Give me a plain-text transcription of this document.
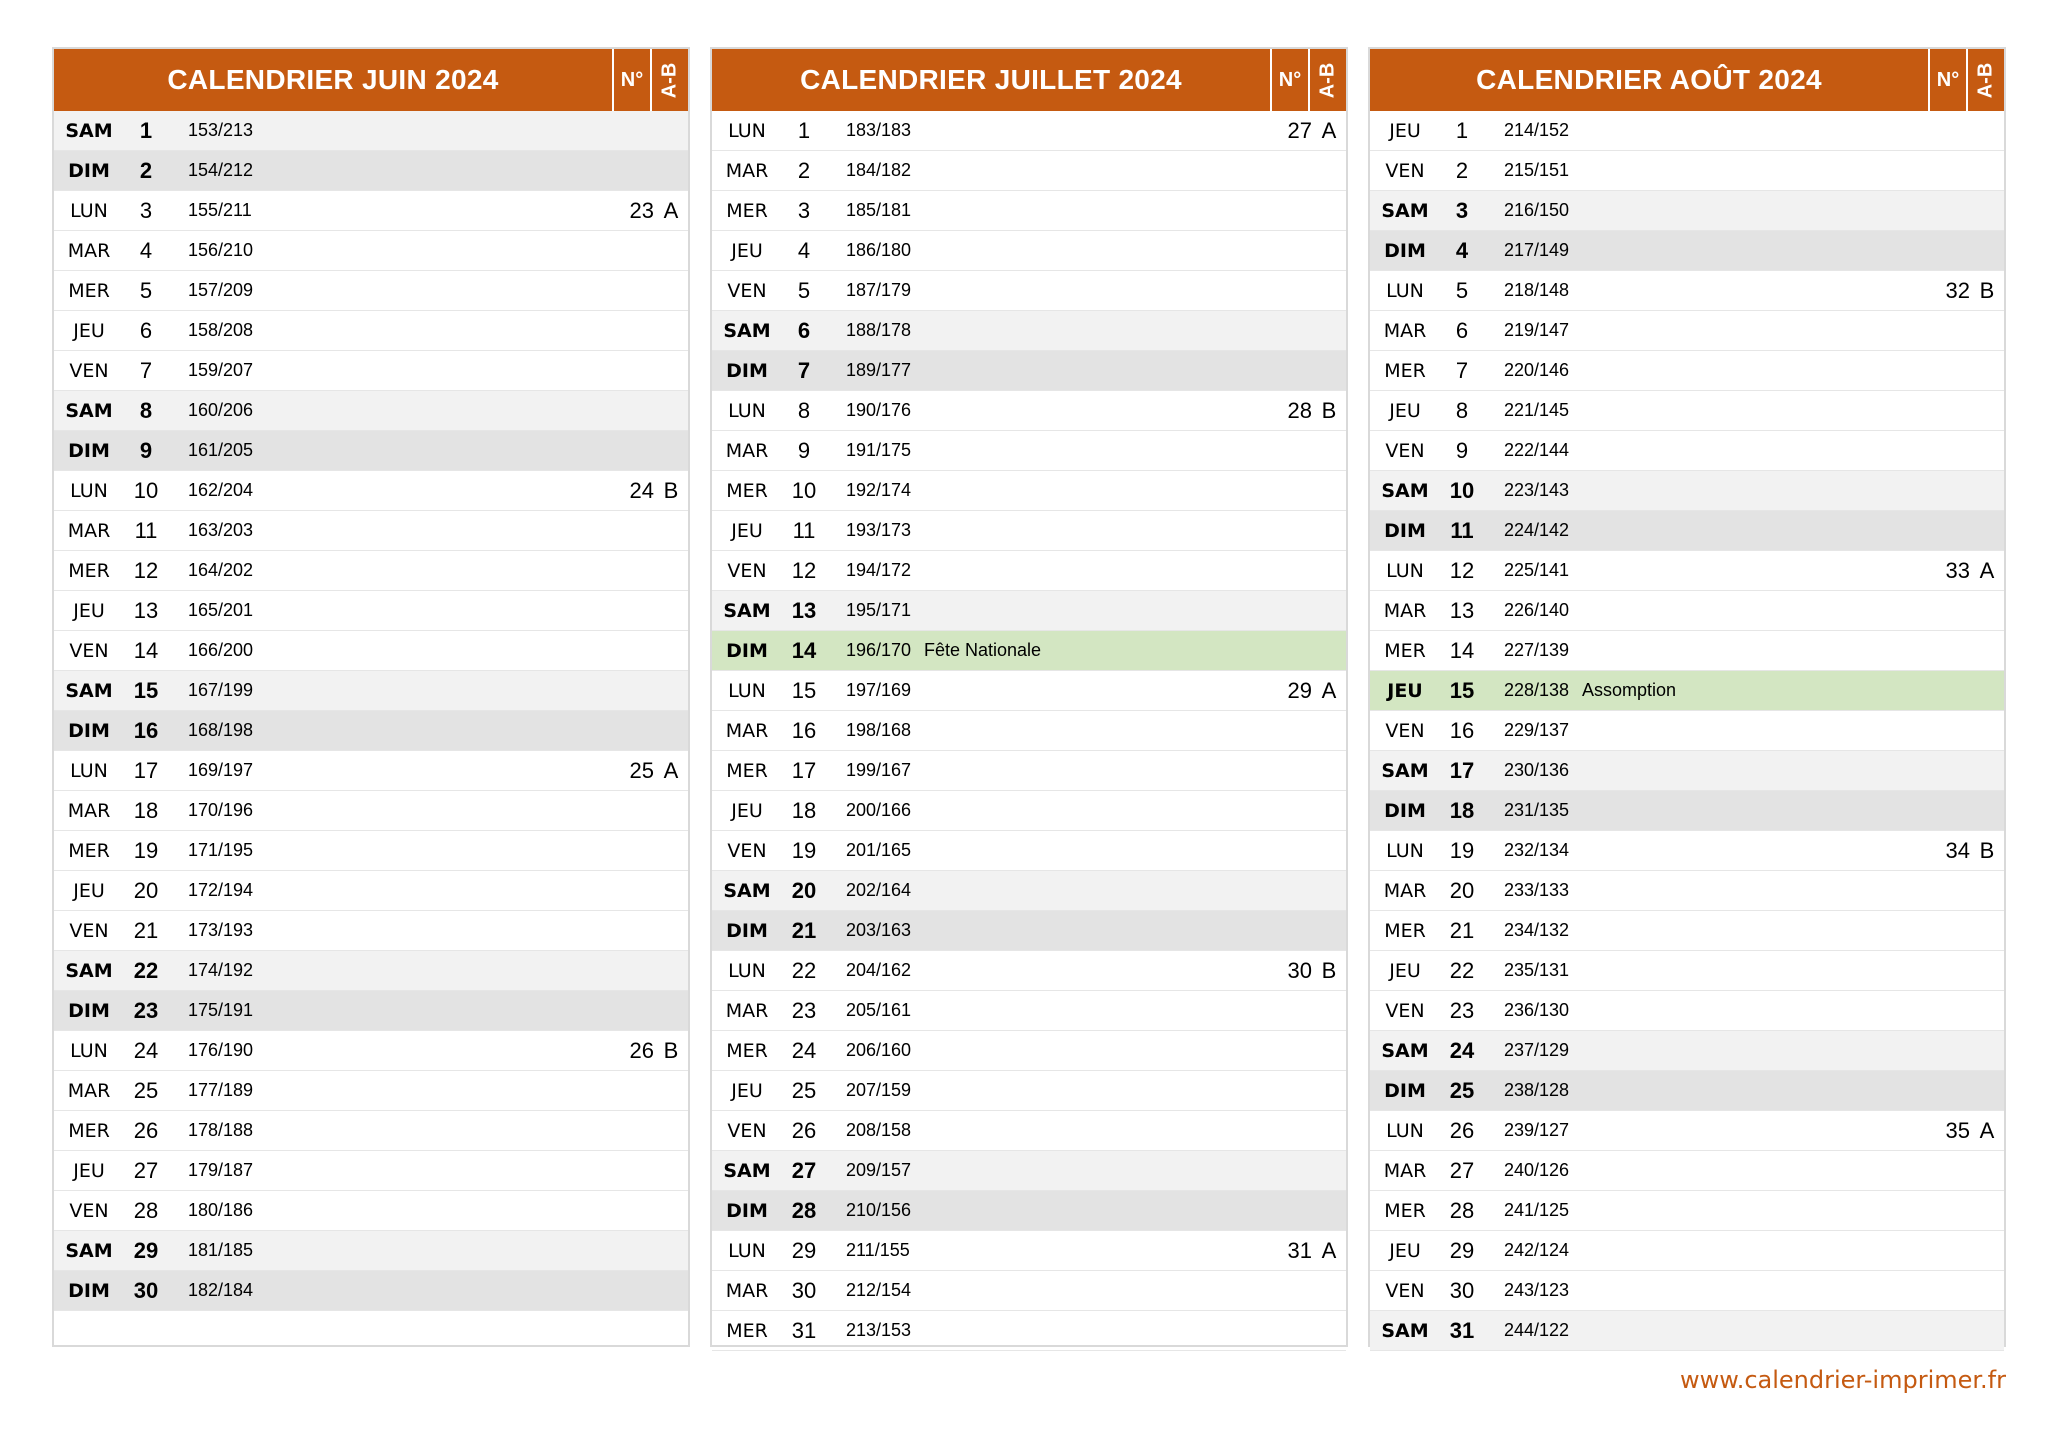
CALENDRIER JUIN 2024	N° A-B
SAM	1	153/213
DIM	2	154/212
LUN	3	155/211	23 A
MAR	4	156/210
MER	5	157/209
JEU	6	158/208
VEN	7	159/207
SAM	8	160/206
DIM	9	161/205
LUN	10	162/204	24 B
MAR	11	163/203
MER	12	164/202
JEU	13	165/201
VEN	14	166/200
SAM 15	167/199
DIM	16	168/198
LUN	17	169/197	25 A
MAR	18	170/196
MER	19	171/195
JEU	20	172/194
VEN	21	173/193
SAM 22	174/192
DIM	23	175/191
LUN	24	176/190	26 B
MAR	25	177/189
MER	26	178/188
JEU	27	179/187
VEN	28	180/186
SAM 29	181/185
DIM	30	182/184
CALENDRIER JUILLET 2024	N° A-B
LUN	1	183/183	27 A
MAR	2	184/182
MER	3	185/181
JEU	4	186/180
VEN	5	187/179
SAM	6	188/178
DIM	7	189/177
LUN	8	190/176	28 B
MAR	9	191/175
MER	10	192/174
JEU	11	193/173
VEN	12	194/172
SAM 13	195/171
DIM	14	196/170 Fête Nationale
LUN	15	197/169	29 A
MAR	16	198/168
MER	17	199/167
JEU	18	200/166
VEN	19	201/165
SAM 20	202/164
DIM	21	203/163
LUN	22	204/162	30 B
MAR	23	205/161
MER	24	206/160
JEU	25	207/159
VEN	26	208/158
SAM 27	209/157
DIM	28	210/156
LUN	29	211/155	31 A
MAR	30	212/154
MER	31	213/153
CALENDRIER AOÛT 2024	N° A-B
JEU	1	214/152
VEN	2	215/151
SAM	3	216/150
DIM	4	217/149
LUN	5	218/148	32 B
MAR	6	219/147
MER	7	220/146
JEU	8	221/145
VEN	9	222/144
SAM 10	223/143
DIM	11	224/142
LUN	12	225/141	33 A
MAR	13	226/140
MER	14	227/139
JEU	15	228/138 Assomption
VEN	16	229/137
SAM 17	230/136
DIM	18	231/135
LUN	19	232/134	34 B
MAR	20	233/133
MER	21	234/132
JEU	22	235/131
VEN	23	236/130
SAM 24	237/129
DIM	25	238/128
LUN	26	239/127	35 A
MAR	27	240/126
MER	28	241/125
JEU	29	242/124
VEN	30	243/123
SAM 31	244/122
www.calendrier-imprimer.fr
